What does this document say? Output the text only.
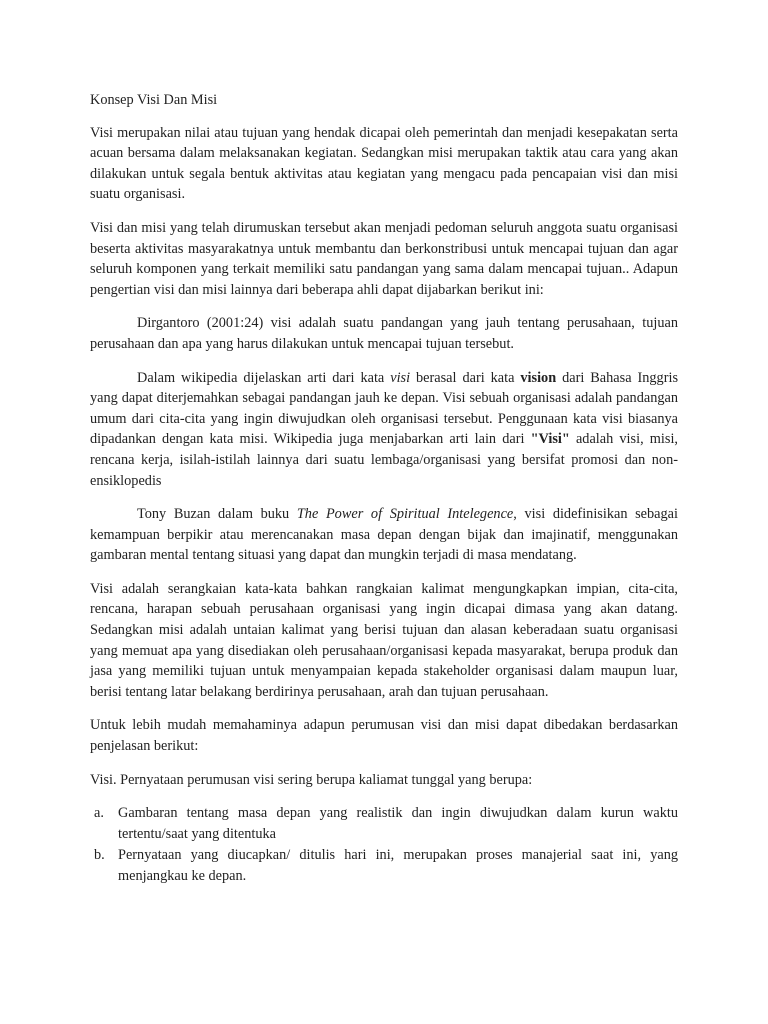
Konsep Visi Dan Misi

Visi merupakan nilai atau tujuan yang hendak dicapai oleh pemerintah dan menjadi kesepakatan serta acuan bersama dalam melaksanakan kegiatan. Sedangkan misi merupakan taktik atau cara yang akan dilakukan untuk segala bentuk aktivitas atau kegiatan yang mengacu pada pencapaian visi dan misi suatu organisasi.

Visi dan misi yang telah dirumuskan tersebut akan menjadi pedoman seluruh anggota suatu organisasi beserta aktivitas masyarakatnya untuk membantu dan berkonstribusi untuk mencapai tujuan dan agar seluruh komponen yang terkait memiliki satu pandangan yang sama dalam mencapai tujuan.. Adapun pengertian visi dan misi lainnya dari beberapa ahli dapat dijabarkan berikut ini:

Dirgantoro (2001:24) visi adalah suatu pandangan yang jauh tentang perusahaan, tujuan perusahaan dan apa yang harus dilakukan untuk mencapai tujuan tersebut.

Dalam wikipedia dijelaskan arti dari kata visi berasal dari kata vision dari Bahasa Inggris yang dapat diterjemahkan sebagai pandangan jauh ke depan. Visi sebuah organisasi adalah pandangan umum dari cita-cita yang ingin diwujudkan oleh organisasi tersebut. Penggunaan kata visi biasanya dipadankan dengan kata misi. Wikipedia juga menjabarkan arti lain dari "Visi" adalah visi, misi, rencana kerja, isilah-istilah lainnya dari suatu lembaga/organisasi yang bersifat promosi dan non-ensiklopedis

Tony Buzan dalam buku The Power of Spiritual Intelegence, visi didefinisikan sebagai kemampuan berpikir atau merencanakan masa depan dengan bijak dan imajinatif, menggunakan gambaran mental tentang situasi yang dapat dan mungkin terjadi di masa mendatang.

Visi adalah serangkaian kata-kata bahkan rangkaian kalimat mengungkapkan impian, cita-cita, rencana, harapan sebuah perusahaan organisasi yang ingin dicapai dimasa yang akan datang. Sedangkan misi adalah untaian kalimat yang berisi tujuan dan alasan keberadaan suatu organisasi yang memuat apa yang disediakan oleh perusahaan/organisasi kepada masyarakat, berupa produk dan jasa yang memiliki tujuan untuk menyampaian kepada stakeholder organisasi dalam maupun luar, berisi tentang latar belakang berdirinya perusahaan, arah dan tujuan perusahaan.

Untuk lebih mudah memahaminya adapun perumusan visi dan misi dapat dibedakan berdasarkan penjelasan berikut:

Visi. Pernyataan perumusan visi sering berupa kaliamat tunggal yang berupa:

a. Gambaran tentang masa depan yang realistik dan ingin diwujudkan dalam kurun waktu tertentu/saat yang ditentuka
b. Pernyataan yang diucapkan/ ditulis hari ini, merupakan proses manajerial saat ini, yang menjangkau ke depan.
